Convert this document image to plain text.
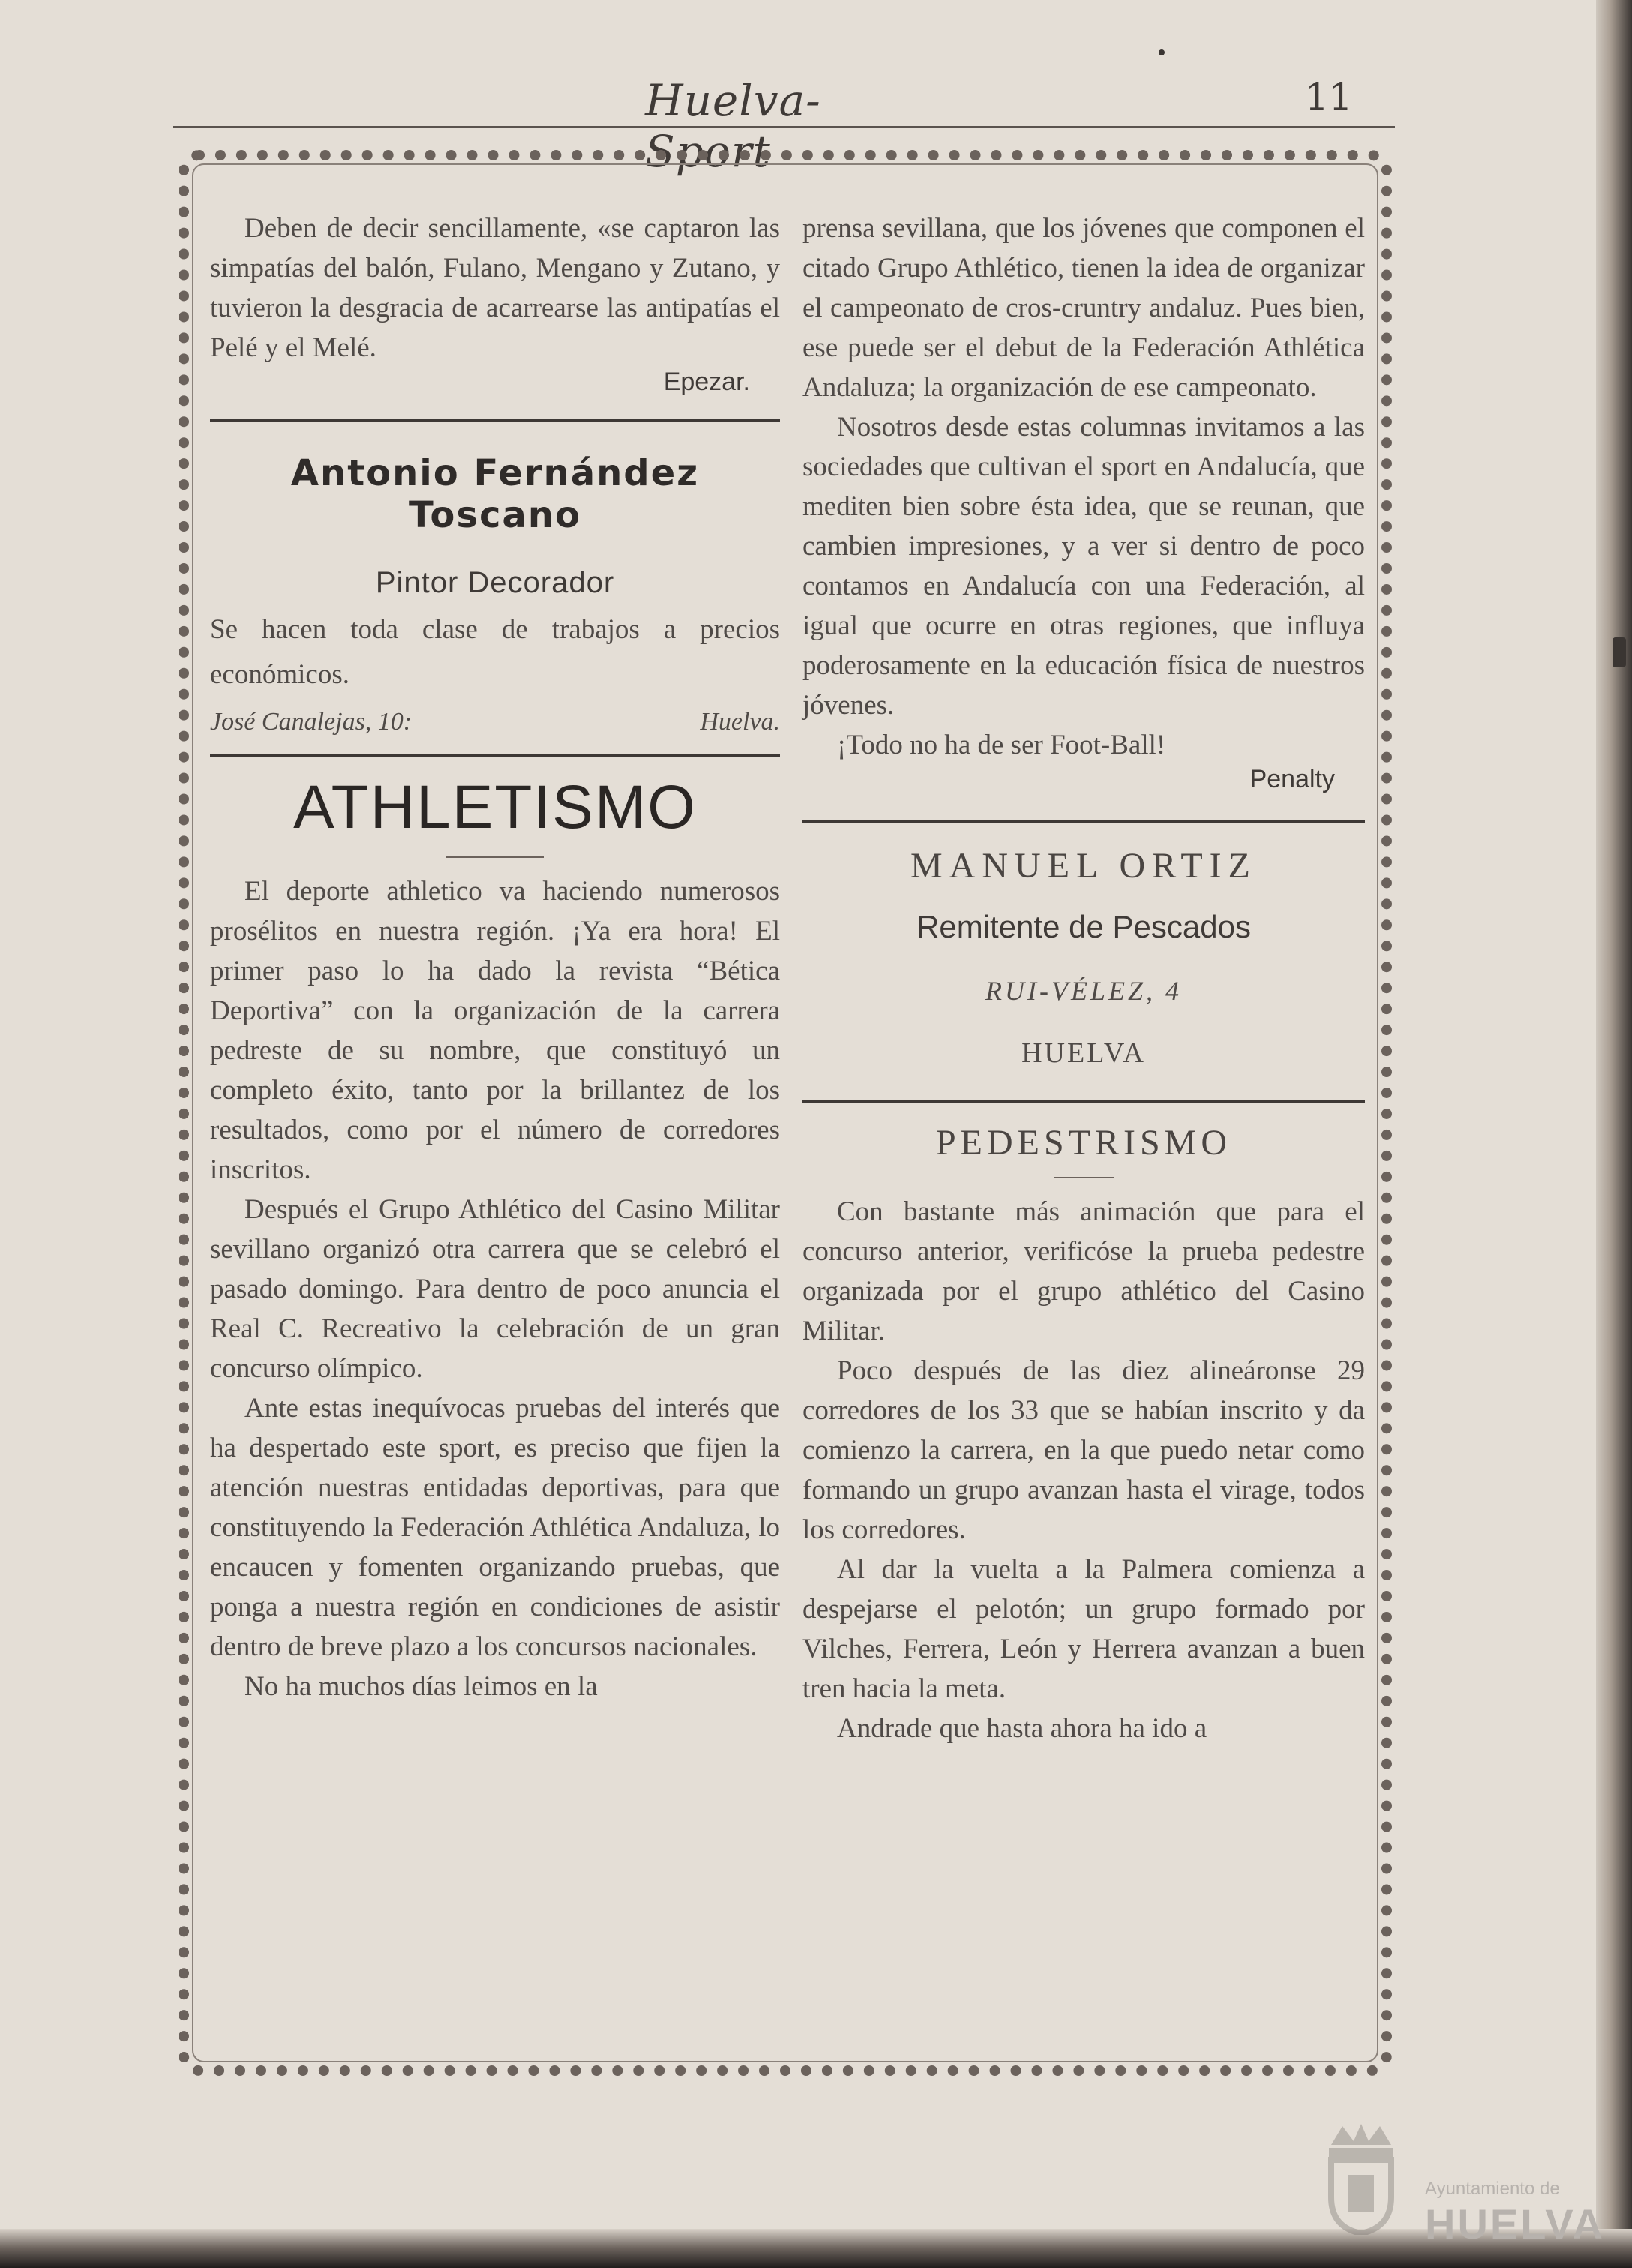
Huelva-Sport
11

Deben de decir sencillamente, «se captaron las simpatías del balón, Fulano, Mengano y Zutano, y tuvieron la desgracia de acarrearse las antipatías el Pelé y el Melé.

Epezar.
Antonio Fernández Toscano
Pintor Decorador
Se hacen toda clase de trabajos a precios económicos.
José Canalejas, 10:	Huelva.
ATHLETISMO

El deporte athletico va haciendo numerosos prosélitos en nuestra región. ¡Ya era hora! El primer paso lo ha dado la revista “Bética Deportiva” con la organización de la carrera pedreste de su nombre, que constituyó un completo éxito, tanto por la brillantez de los resultados, como por el número de corredores inscritos.

Después el Grupo Athlético del Casino Militar sevillano organizó otra carrera que se celebró el pasado domingo. Para dentro de poco anuncia el Real C. Recreativo la celebración de un gran concurso olímpico.

Ante estas inequívocas pruebas del interés que ha despertado este sport, es preciso que fijen la atención nuestras entidadas deportivas, para que constituyendo la Federación Athlética Andaluza, lo encaucen y fomenten organizando pruebas, que ponga a nuestra región en condiciones de asistir dentro de breve plazo a los concursos nacionales.

No ha muchos días leimos en la

prensa sevillana, que los jóvenes que componen el citado Grupo Athlético, tienen la idea de organizar el campeonato de cros-cruntry andaluz. Pues bien, ese puede ser el debut de la Federación Athlética Andaluza; la organización de ese campeonato.

Nosotros desde estas columnas invitamos a las sociedades que cultivan el sport en Andalucía, que mediten bien sobre ésta idea, que se reunan, que cambien impresiones, y a ver si dentro de poco contamos en Andalucía con una Federación, al igual que ocurre en otras regiones, que influya poderosamente en la educación física de nuestros jóvenes.

¡Todo no ha de ser Foot-Ball!

Penalty
MANUEL ORTIZ
Remitente de Pescados
RUI-VÉLEZ, 4
HUELVA
PEDESTRISMO

Con bastante más animación que para el concurso anterior, verificóse la prueba pedestre organizada por el grupo athlético del Casino Militar.

Poco después de las diez alineáronse 29 corredores de los 33 que se habían inscrito y da comienzo la carrera, en la que puedo netar como formando un grupo avanzan hasta el virage, todos los corredores.

Al dar la vuelta a la Palmera comienza a despejarse el pelotón; un grupo formado por Vilches, Ferrera, León y Herrera avanzan a buen tren hacia la meta.

Andrade que hasta ahora ha ido a

Ayuntamiento de
HUELVA
